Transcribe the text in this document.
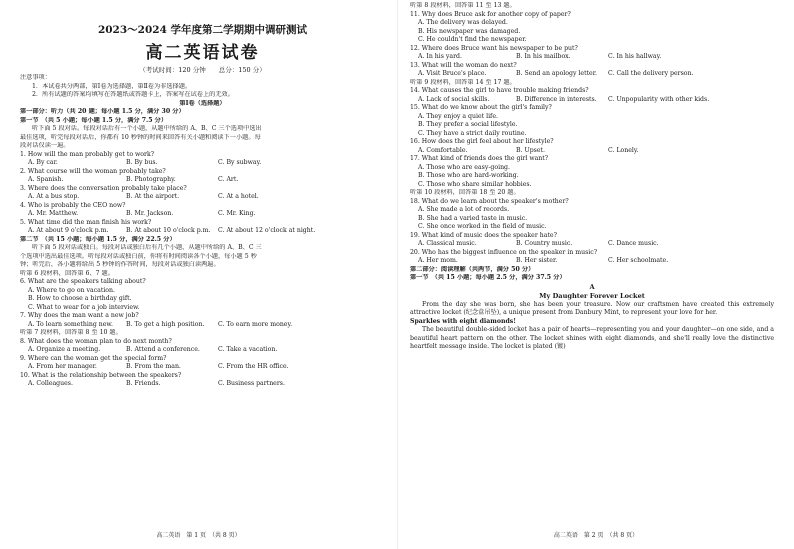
2023～2024 学年度第二学期期中调研测试
高二英语试卷
（考试时间：120 分钟　　总分：150 分）
注意事项：
1．本试卷共分两部，第Ⅰ卷为选择题，第Ⅱ卷为非选择题。
2．所有试题的答案均填写在答题纸或答题卡上，答案写在试卷上的无效。
第Ⅰ卷（选择题）
第一部分：听力（共 20 题；每小题 1.5 分，满分 30 分）
第一节　（共 5 小题；每小题 1.5 分，满分 7.5 分）
听下面 5 段对话。每段对话后有一个小题，从题中所给的 A、B、C 三个选项中选出
最佳选项，听完每段对话后，你都有 10 秒钟的时间来回答有关小题和阅读下一小题。每
段对话仅读一遍。
1. How will the man probably get to work?
A. By car.	B. By bus.	C. By subway.
2. What course will the woman probably take?
A. Spanish.	B. Photography.	C. Art.
3. Where does the conversation probably take place?
A. At a bus stop.	B. At the airport.	C. At a hotel.
4. Who is probably the CEO now?
A. Mr. Matthew.	B. Mr. Jackson.	C. Mr. King.
5. What time did the man finish his work?
A. At about 9 o'clock p.m.	B. At about 10 o'clock p.m.	C. At about 12 o'clock at night.
第二节　（共 15 小题；每小题 1.5 分，满分 22.5 分）
听下面 5 段对话或独白。每段对话或独白后有几个小题，从题中所给的 A、B、C 三
个选项中选出最佳选项。听每段对话或独白前，你将有时间阅读各个小题，每小题 5 秒
钟；听完后，各小题将给出 5 秒钟的作答时间，每段对话或独白读两遍。
听第 6 段材料，回答第 6、7 题。
6. What are the speakers talking about?
A. Where to go on vacation.
B. How to choose a birthday gift.
C. What to wear for a job interview.
7. Why does the man want a new job?
A. To learn something new.	B. To get a high position.	C. To earn more money.
听第 7 段材料，回答第 8 至 10 题。
8. What does the woman plan to do next month?
A. Organize a meeting.	B. Attend a conference.	C. Take a vacation.
9. Where can the woman get the special form?
A. From her manager.	B. From the man.	C. From the HR office.
10. What is the relationship between the speakers?
A. Colleagues.	B. Friends.	C. Business partners.
高二英语　第 1 页　（共 8 页）
听第 8 段材料，回答第 11 至 13 题。
11. Why does Bruce ask for another copy of paper?
A. The delivery was delayed.
B. His newspaper was damaged.
C. He couldn't find the newspaper.
12. Where does Bruce want his newspaper to be put?
A. In his yard.	B. In his mailbox.	C. In his hallway.
13. What will the woman do next?
A. Visit Bruce's place.	B. Send an apology letter.	C. Call the delivery person.
听第 9 段材料，回答第 14 至 17 题。
14. What causes the girl to have trouble making friends?
A. Lack of social skills.	B. Difference in interests.	C. Unpopularity with other kids.
15. What do we know about the girl's family?
A. They enjoy a quiet life.
B. They prefer a social lifestyle.
C. They have a strict daily routine.
16. How does the girl feel about her lifestyle?
A. Comfortable.	B. Upset.	C. Lonely.
17. What kind of friends does the girl want?
A. Those who are easy-going.
B. Those who are hard-working.
C. Those who share similar hobbies.
听第 10 段材料，回答第 18 至 20 题。
18. What do we learn about the speaker's mother?
A. She made a lot of records.
B. She had a varied taste in music.
C. She once worked in the field of music.
19. What kind of music does the speaker hate?
A. Classical music.	B. Country music.	C. Dance music.
20. Who has the biggest influence on the speaker in music?
A. Her mom.	B. Her sister.	C. Her schoolmate.
第二部分：阅读理解（共两节，满分 50 分）
第一节　（共 15 小题；每小题 2.5 分，满分 37.5 分）
A
My Daughter Forever Locket
From the day she was born, she has been your treasure. Now our craftsmen have created this extremely attractive locket (纪念盒吊坠), a unique present from Danbury Mint, to represent your love for her.
Sparkles with eight diamonds!
The beautiful double-sided locket has a pair of hearts—representing you and your daughter—on one side, and a beautiful heart pattern on the other. The locket shines with eight diamonds, and she'll really love the distinctive heartfelt message inside. The locket is plated (镀)
高二英语　第 2 页　（共 8 页）
